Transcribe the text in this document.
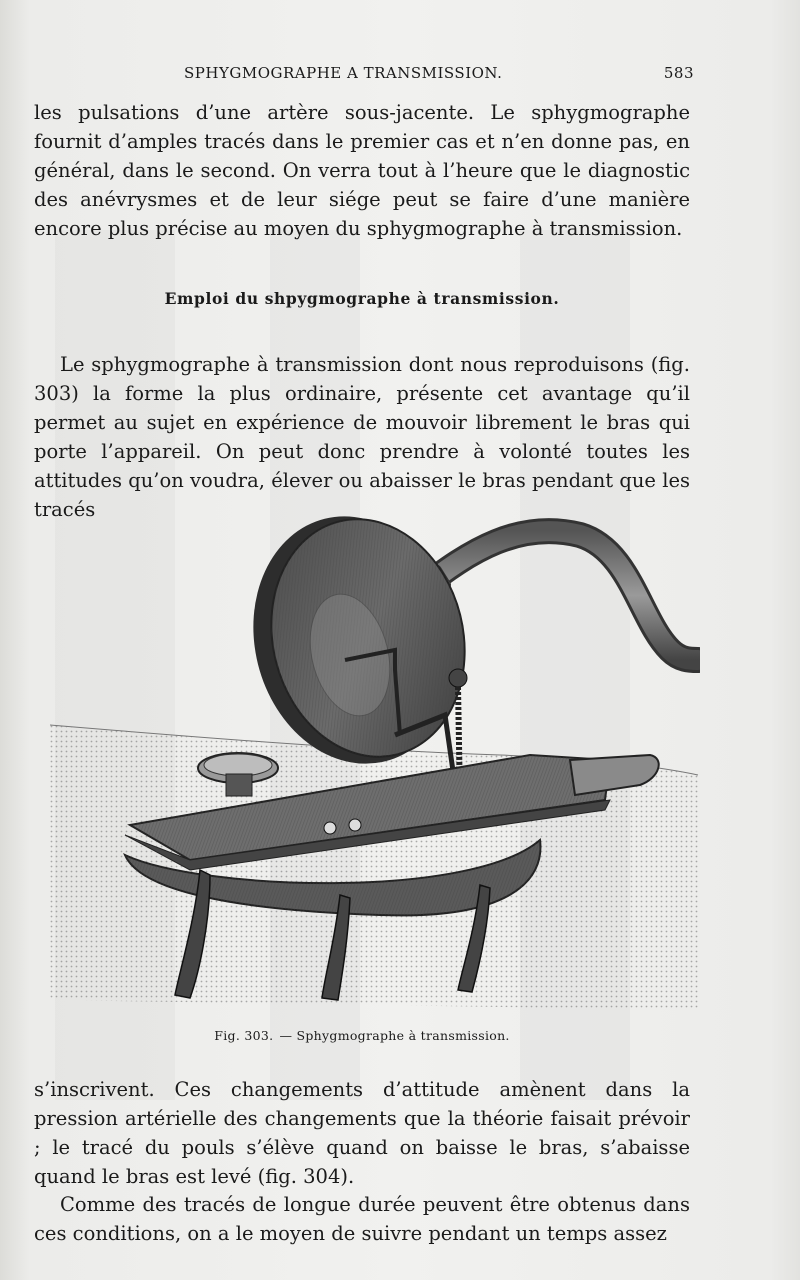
SPHYGMOGRAPHE A TRANSMISSION.	583

les pulsations d’une artère sous-jacente. Le sphygmographe fournit d’amples tracés dans le premier cas et n’en donne pas, en général, dans le second. On verra tout à l’heure que le diagnostic des anévrysmes et de leur siége peut se faire d’une manière encore plus précise au moyen du sphygmographe à transmission.

Emploi du shpygmographe à transmission.

Le sphygmographe à transmission dont nous reproduisons (fig. 303) la forme la plus ordinaire, présente cet avantage qu’il permet au sujet en expérience de mouvoir librement le bras qui porte l’appareil. On peut donc prendre à volonté toutes les attitudes qu’on voudra, élever ou abaisser le bras pendant que les tracés

Fig. 303. — Sphygmographe à transmission.

s’inscrivent. Ces changements d’attitude amènent dans la pression artérielle des changements que la théorie faisait prévoir ; le tracé du pouls s’élève quand on baisse le bras, s’abaisse quand le bras est levé (fig. 304).

Comme des tracés de longue durée peuvent être obtenus dans ces conditions, on a le moyen de suivre pendant un temps assez
